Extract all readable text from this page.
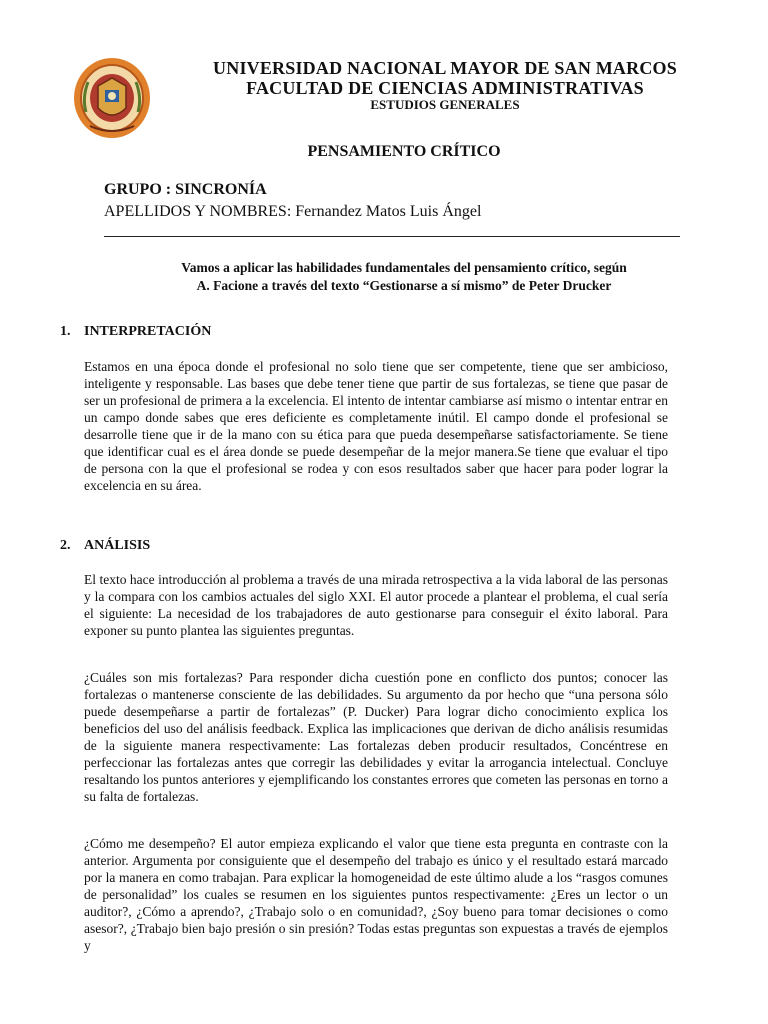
UNIVERSIDAD NACIONAL MAYOR DE SAN MARCOS
FACULTAD DE CIENCIAS ADMINISTRATIVAS
ESTUDIOS GENERALES
PENSAMIENTO CRÍTICO
GRUPO : SINCRONÍA
APELLIDOS Y NOMBRES: Fernandez Matos Luis Ángel

Vamos a aplicar las habilidades fundamentales del pensamiento crítico, según
A. Facione a través del texto “Gestionarse a sí mismo” de Peter Drucker

1. INTERPRETACIÓN

Estamos en una época donde el profesional no solo tiene que ser competente, tiene que ser ambicioso, inteligente y responsable. Las bases que debe tener tiene que partir de sus fortalezas, se tiene que pasar de ser un profesional de primera a la excelencia. El intento de intentar cambiarse así mismo o intentar entrar en un campo donde sabes que eres deficiente es completamente inútil. El campo donde el profesional se desarrolle tiene que ir de la mano con su ética para que pueda desempeñarse satisfactoriamente. Se tiene que identificar cual es el área donde se puede desempeñar de la mejor manera.Se tiene que evaluar el tipo de persona con la que el profesional se rodea y con esos resultados saber que hacer para poder lograr la excelencia en su área.

2. ANÁLISIS

El texto hace introducción al problema a través de una mirada retrospectiva a la vida laboral de las personas y la compara con los cambios actuales del siglo XXI. El autor procede a plantear el problema, el cual sería el siguiente: La necesidad de los trabajadores de auto gestionarse para conseguir el éxito laboral. Para exponer su punto plantea las siguientes preguntas.

¿Cuáles son mis fortalezas? Para responder dicha cuestión pone en conflicto dos puntos; conocer las fortalezas o mantenerse consciente de las debilidades. Su argumento da por hecho que “una persona sólo puede desempeñarse a partir de fortalezas” (P. Ducker) Para lograr dicho conocimiento explica los beneficios del uso del análisis feedback. Explica las implicaciones que derivan de dicho análisis resumidas de la siguiente manera respectivamente: Las fortalezas deben producir resultados, Concéntrese en perfeccionar las fortalezas antes que corregir las debilidades y evitar la arrogancia intelectual. Concluye resaltando los puntos anteriores y ejemplificando los constantes errores que cometen las personas en torno a su falta de fortalezas.

¿Cómo me desempeño? El autor empieza explicando el valor que tiene esta pregunta en contraste con la anterior. Argumenta por consiguiente que el desempeño del trabajo es único y el resultado estará marcado por la manera en como trabajan. Para explicar la homogeneidad de este último alude a los “rasgos comunes de personalidad” los cuales se resumen en los siguientes puntos respectivamente: ¿Eres un lector o un auditor?, ¿Cómo a aprendo?, ¿Trabajo solo o en comunidad?, ¿Soy bueno para tomar decisiones o como asesor?, ¿Trabajo bien bajo presión o sin presión? Todas estas preguntas son expuestas a través de ejemplos y
